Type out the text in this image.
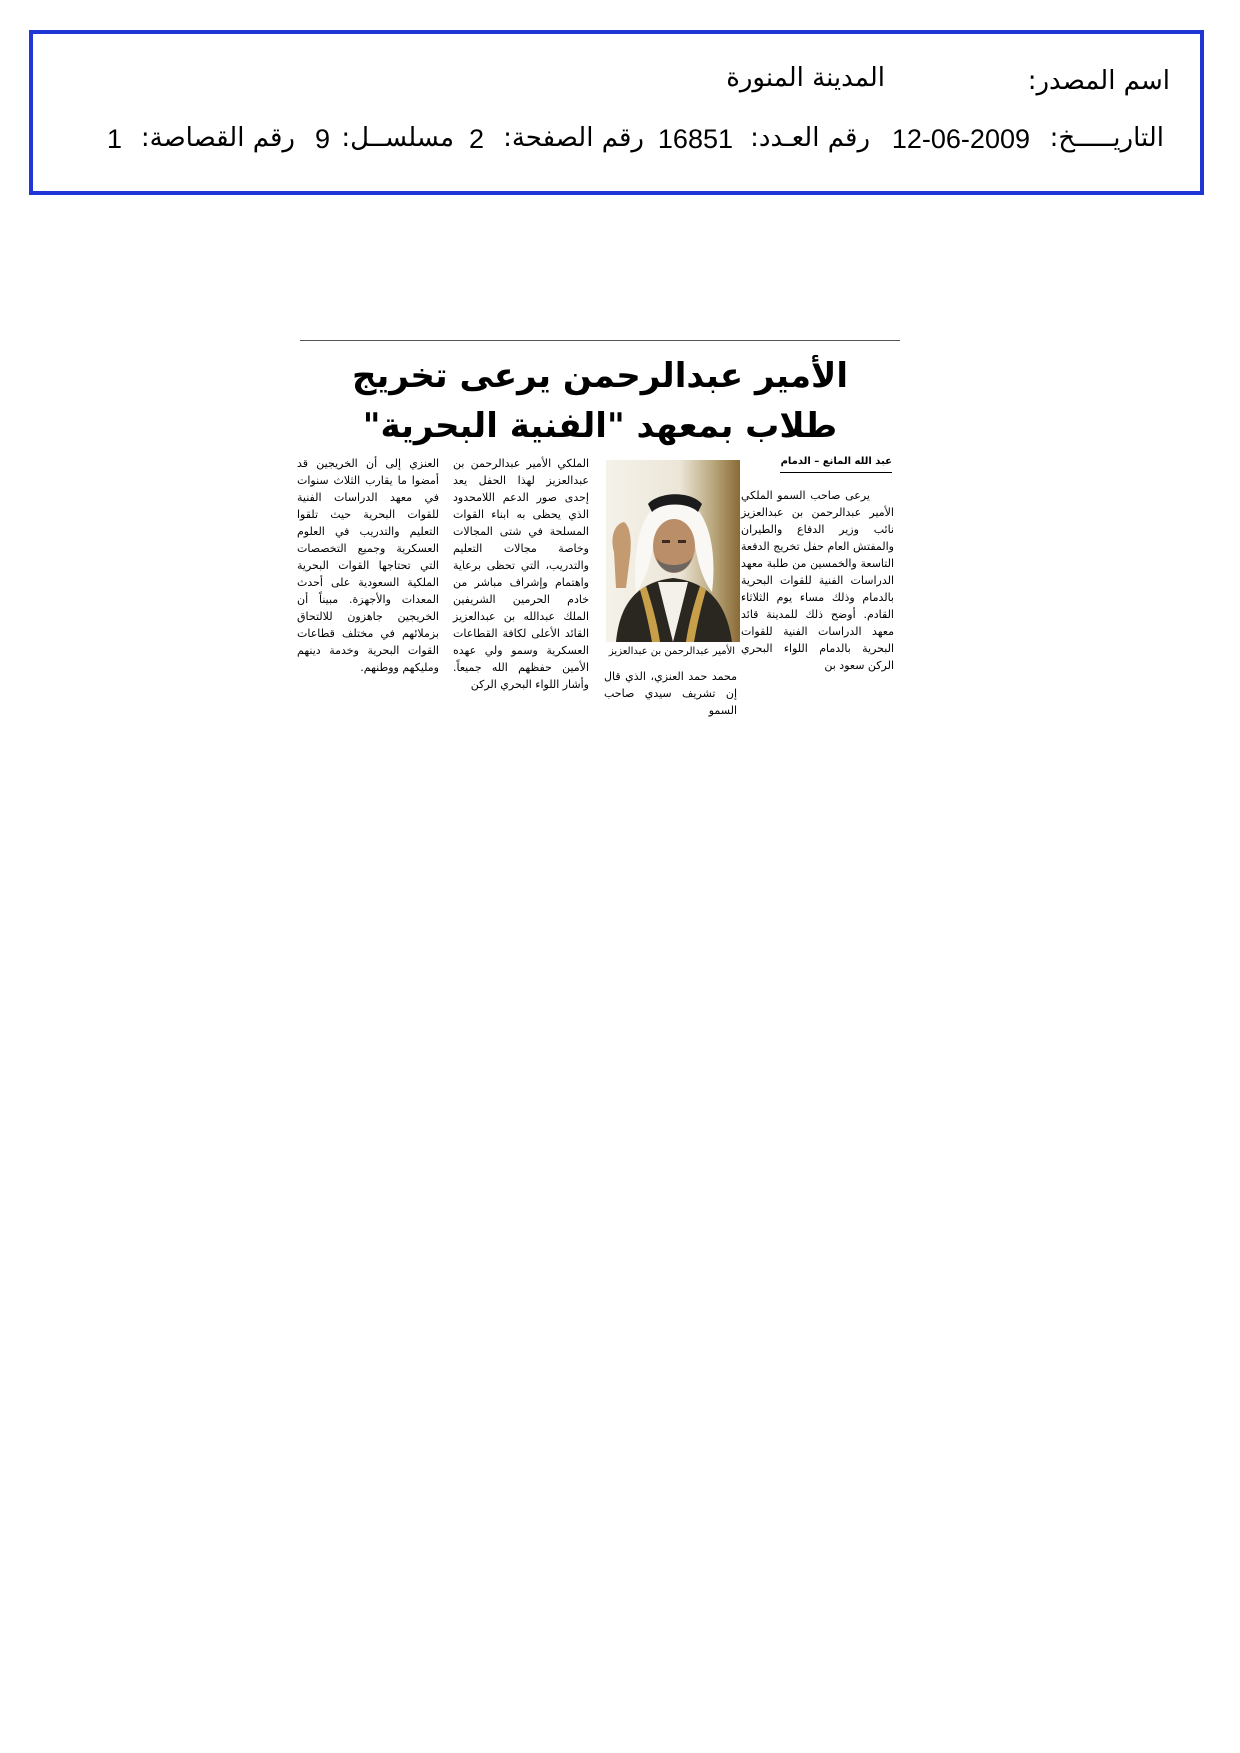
اسم المصدر:
المدينة المنورة
التاريـــــخ:
12-06-2009
رقم العـدد:
16851
رقم الصفحة:
2
مسلســل:
9
رقم القصاصة:
1
الأمير عبدالرحمن يرعى تخريج
طلاب بمعهد "الفنية البحرية"
عبد الله المانع – الدمام
يرعى صاحب السمو الملكي الأمير عبدالرحمن بن عبدالعزيز نائب وزير الدفاع والطيران والمفتش العام حفل تخريج الدفعة التاسعة والخمسين من طلبة معهد الدراسات الفنية للقوات البحرية بالدمام وذلك مساء يوم الثلاثاء القادم. أوضح ذلك للمدينة قائد معهد الدراسات الفنية للقوات البحرية بالدمام اللواء البحري الركن سعود بن
الأمير عبدالرحمن بن عبدالعزيز
محمد حمد العنزي، الذي قال إن تشريف سيدي صاحب السمو
الملكي الأمير عبدالرحمن بن عبدالعزيز لهذا الحفل يعد إحدى صور الدعم اللامحدود الذي يحظى به ابناء القوات المسلحة في شتى المجالات وخاصة مجالات التعليم والتدريب، التي تحظى برعاية واهتمام وإشراف مباشر من خادم الحرمين الشريفين الملك عبدالله بن عبدالعزيز القائد الأعلى لكافة القطاعات العسكرية وسمو ولي عهده الأمين حفظهم الله جميعاً. وأشار اللواء البحري الركن
العنزي إلى أن الخريجين قد أمضوا ما يقارب الثلاث سنوات في معهد الدراسات الفنية للقوات البحرية حيث تلقوا التعليم والتدريب في العلوم العسكرية وجميع التخصصات التي تحتاجها القوات البحرية الملكية السعودية على أحدث المعدات والأجهزة. مبيناً أن الخريجين جاهزون للالتحاق بزملائهم في مختلف قطاعات القوات البحرية وخدمة دينهم ومليكهم ووطنهم.
